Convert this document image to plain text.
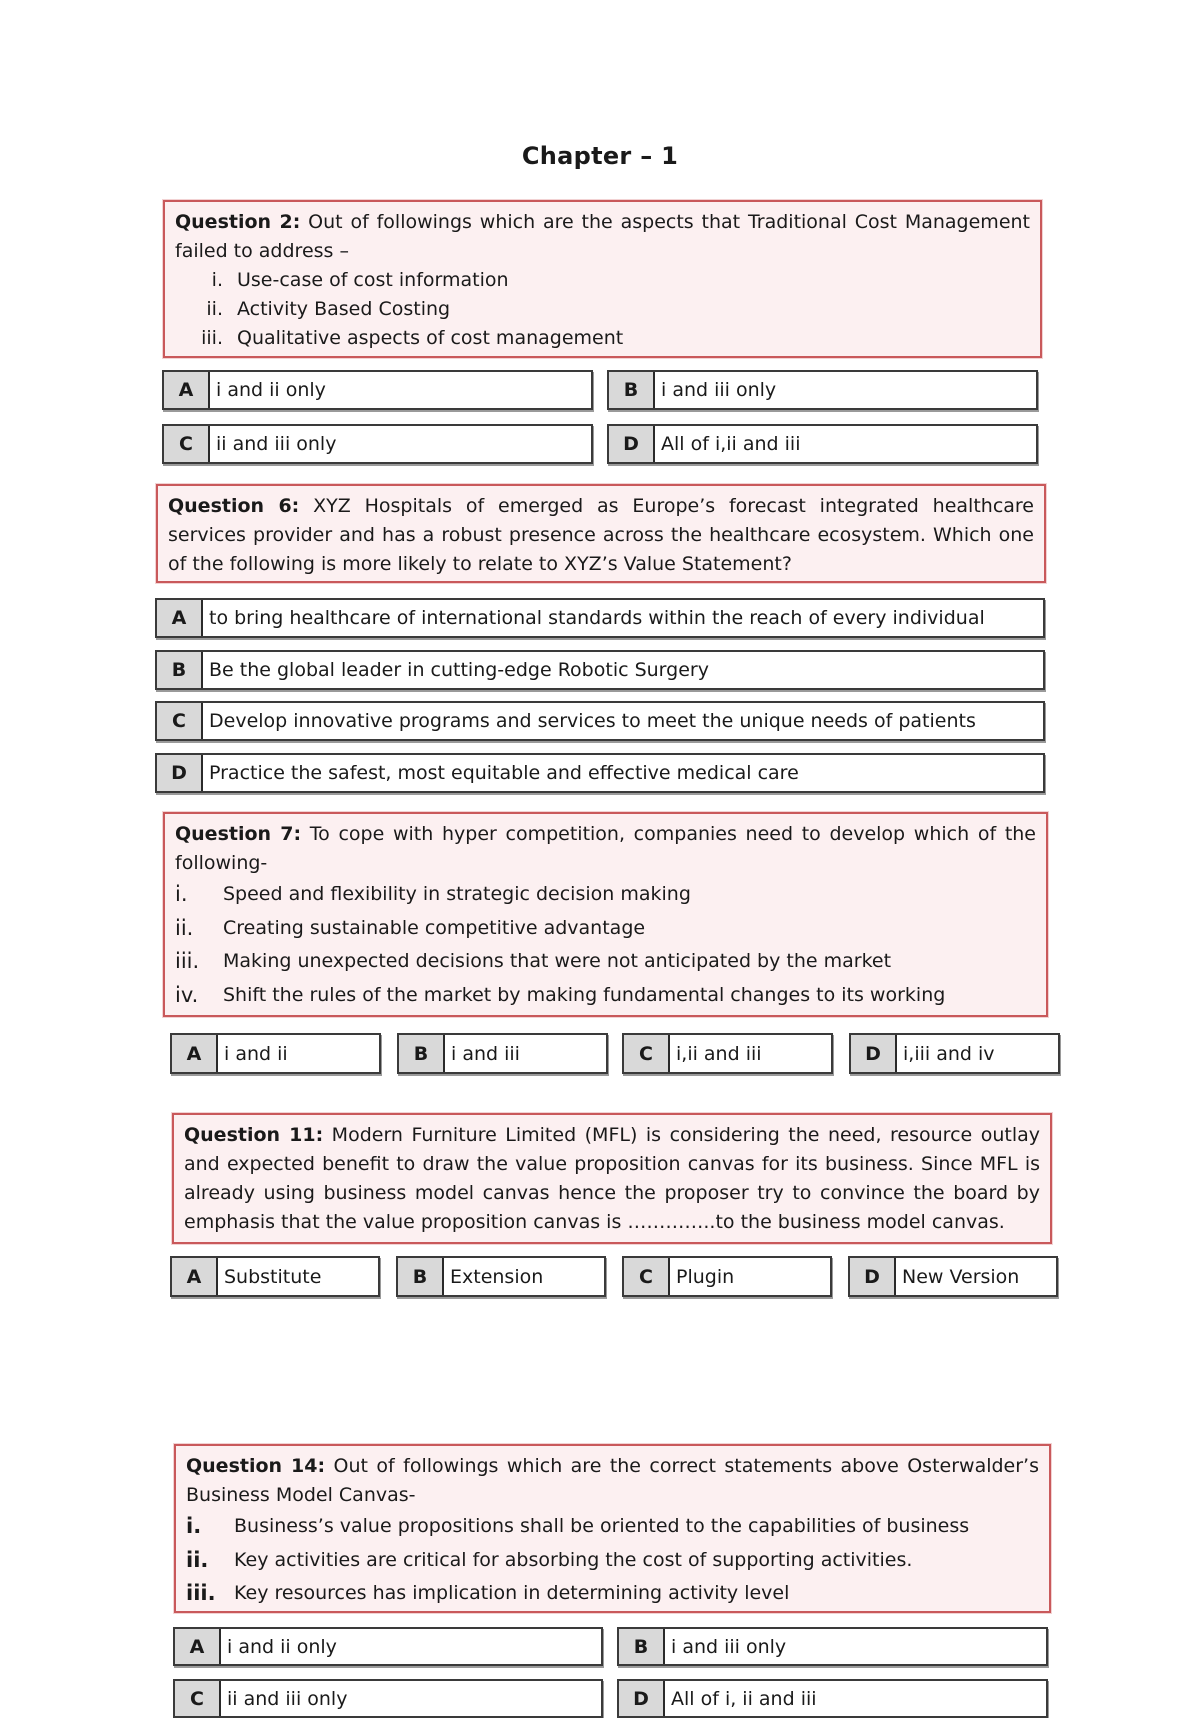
Chapter – 1
Question 2: Out of followings which are the aspects that Traditional Cost Management failed to address –
i. Use-case of cost information
ii. Activity Based Costing
iii. Qualitative aspects of cost management
A	i and ii only	B	i and iii only
C	ii and iii only	D	All of i,ii and iii
Question 6: XYZ Hospitals of emerged as Europe’s forecast integrated healthcare services provider and has a robust presence across the healthcare ecosystem. Which one of the following is more likely to relate to XYZ’s Value Statement?
A	to bring healthcare of international standards within the reach of every individual
B	Be the global leader in cutting-edge Robotic Surgery
C	Develop innovative programs and services to meet the unique needs of patients
D	Practice the safest, most equitable and effective medical care
Question 7: To cope with hyper competition, companies need to develop which of the following-
i.	Speed and flexibility in strategic decision making
ii.	Creating sustainable competitive advantage
iii.	Making unexpected decisions that were not anticipated by the market
iv.	Shift the rules of the market by making fundamental changes to its working
A	i and ii	B	i and iii	C	i,ii and iii	D	i,iii and iv
Question 11: Modern Furniture Limited (MFL) is considering the need, resource outlay and expected benefit to draw the value proposition canvas for its business. Since MFL is already using business model canvas hence the proposer try to convince the board by emphasis that the value proposition canvas is …………..to the business model canvas.
A	Substitute	B	Extension	C	Plugin	D	New Version
Question 14: Out of followings which are the correct statements above Osterwalder’s Business Model Canvas-
i.	Business’s value propositions shall be oriented to the capabilities of business
ii.	Key activities are critical for absorbing the cost of supporting activities.
iii. Key resources has implication in determining activity level
A	i and ii only	B	i and iii only
C	ii and iii only	D	All of i, ii and iii
